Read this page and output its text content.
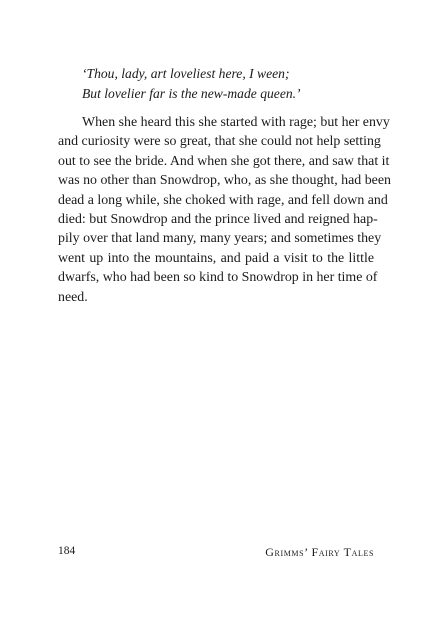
‘Thou, lady, art loveliest here, I ween;
But lovelier far is the new-made queen.’
When she heard this she started with rage; but her envy
and curiosity were so great, that she could not help setting
out to see the bride. And when she got there, and saw that it
was no other than Snowdrop, who, as she thought, had been
dead a long while, she choked with rage, and fell down and
died: but Snowdrop and the prince lived and reigned hap-
pily over that land many, many years; and sometimes they
went up into the mountains, and paid a visit to the little
dwarfs, who had been so kind to Snowdrop in her time of
need.
184	Grimms’ Fairy Tales
